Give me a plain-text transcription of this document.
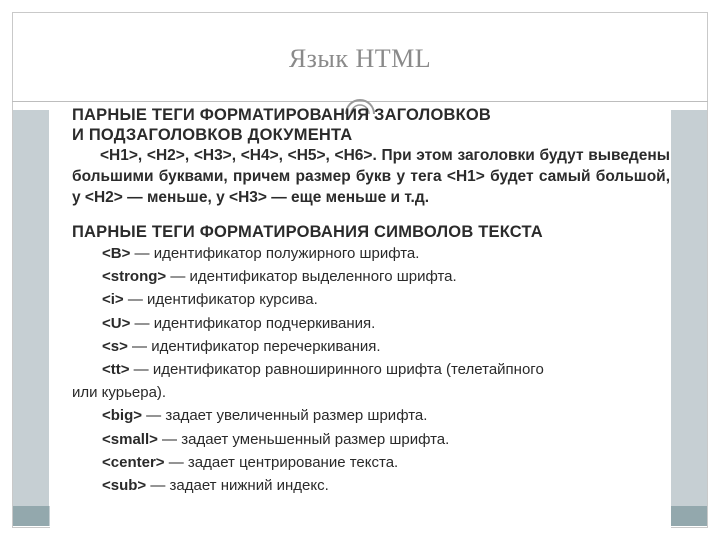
Язык HTML
ПАРНЫЕ ТЕГИ ФОРМАТИРОВАНИЯ ЗАГОЛОВКОВ
И ПОДЗАГОЛОВКОВ ДОКУМЕНТА
<H1>, <H2>, <H3>, <H4>, <H5>, <H6>. При этом заголовки будут выведены большими буквами, причем размер букв у тега <H1> будет самый большой, у <H2> — меньше, у <H3> — еще меньше и т.д.
ПАРНЫЕ ТЕГИ ФОРМАТИРОВАНИЯ СИМВОЛОВ ТЕКСТА
<B> — идентификатор полужирного шрифта.
<strong> — идентификатор выделенного шрифта.
<i> — идентификатор курсива.
<U> — идентификатор подчеркивания.
<s> — идентификатор перечеркивания.
<tt> — идентификатор равноширинного шрифта (телетайпного
или курьера).
<big> — задает увеличенный размер шрифта.
<small> — задает уменьшенный размер шрифта.
<center> — задает центрирование текста.
<sub> — задает нижний индекс.
